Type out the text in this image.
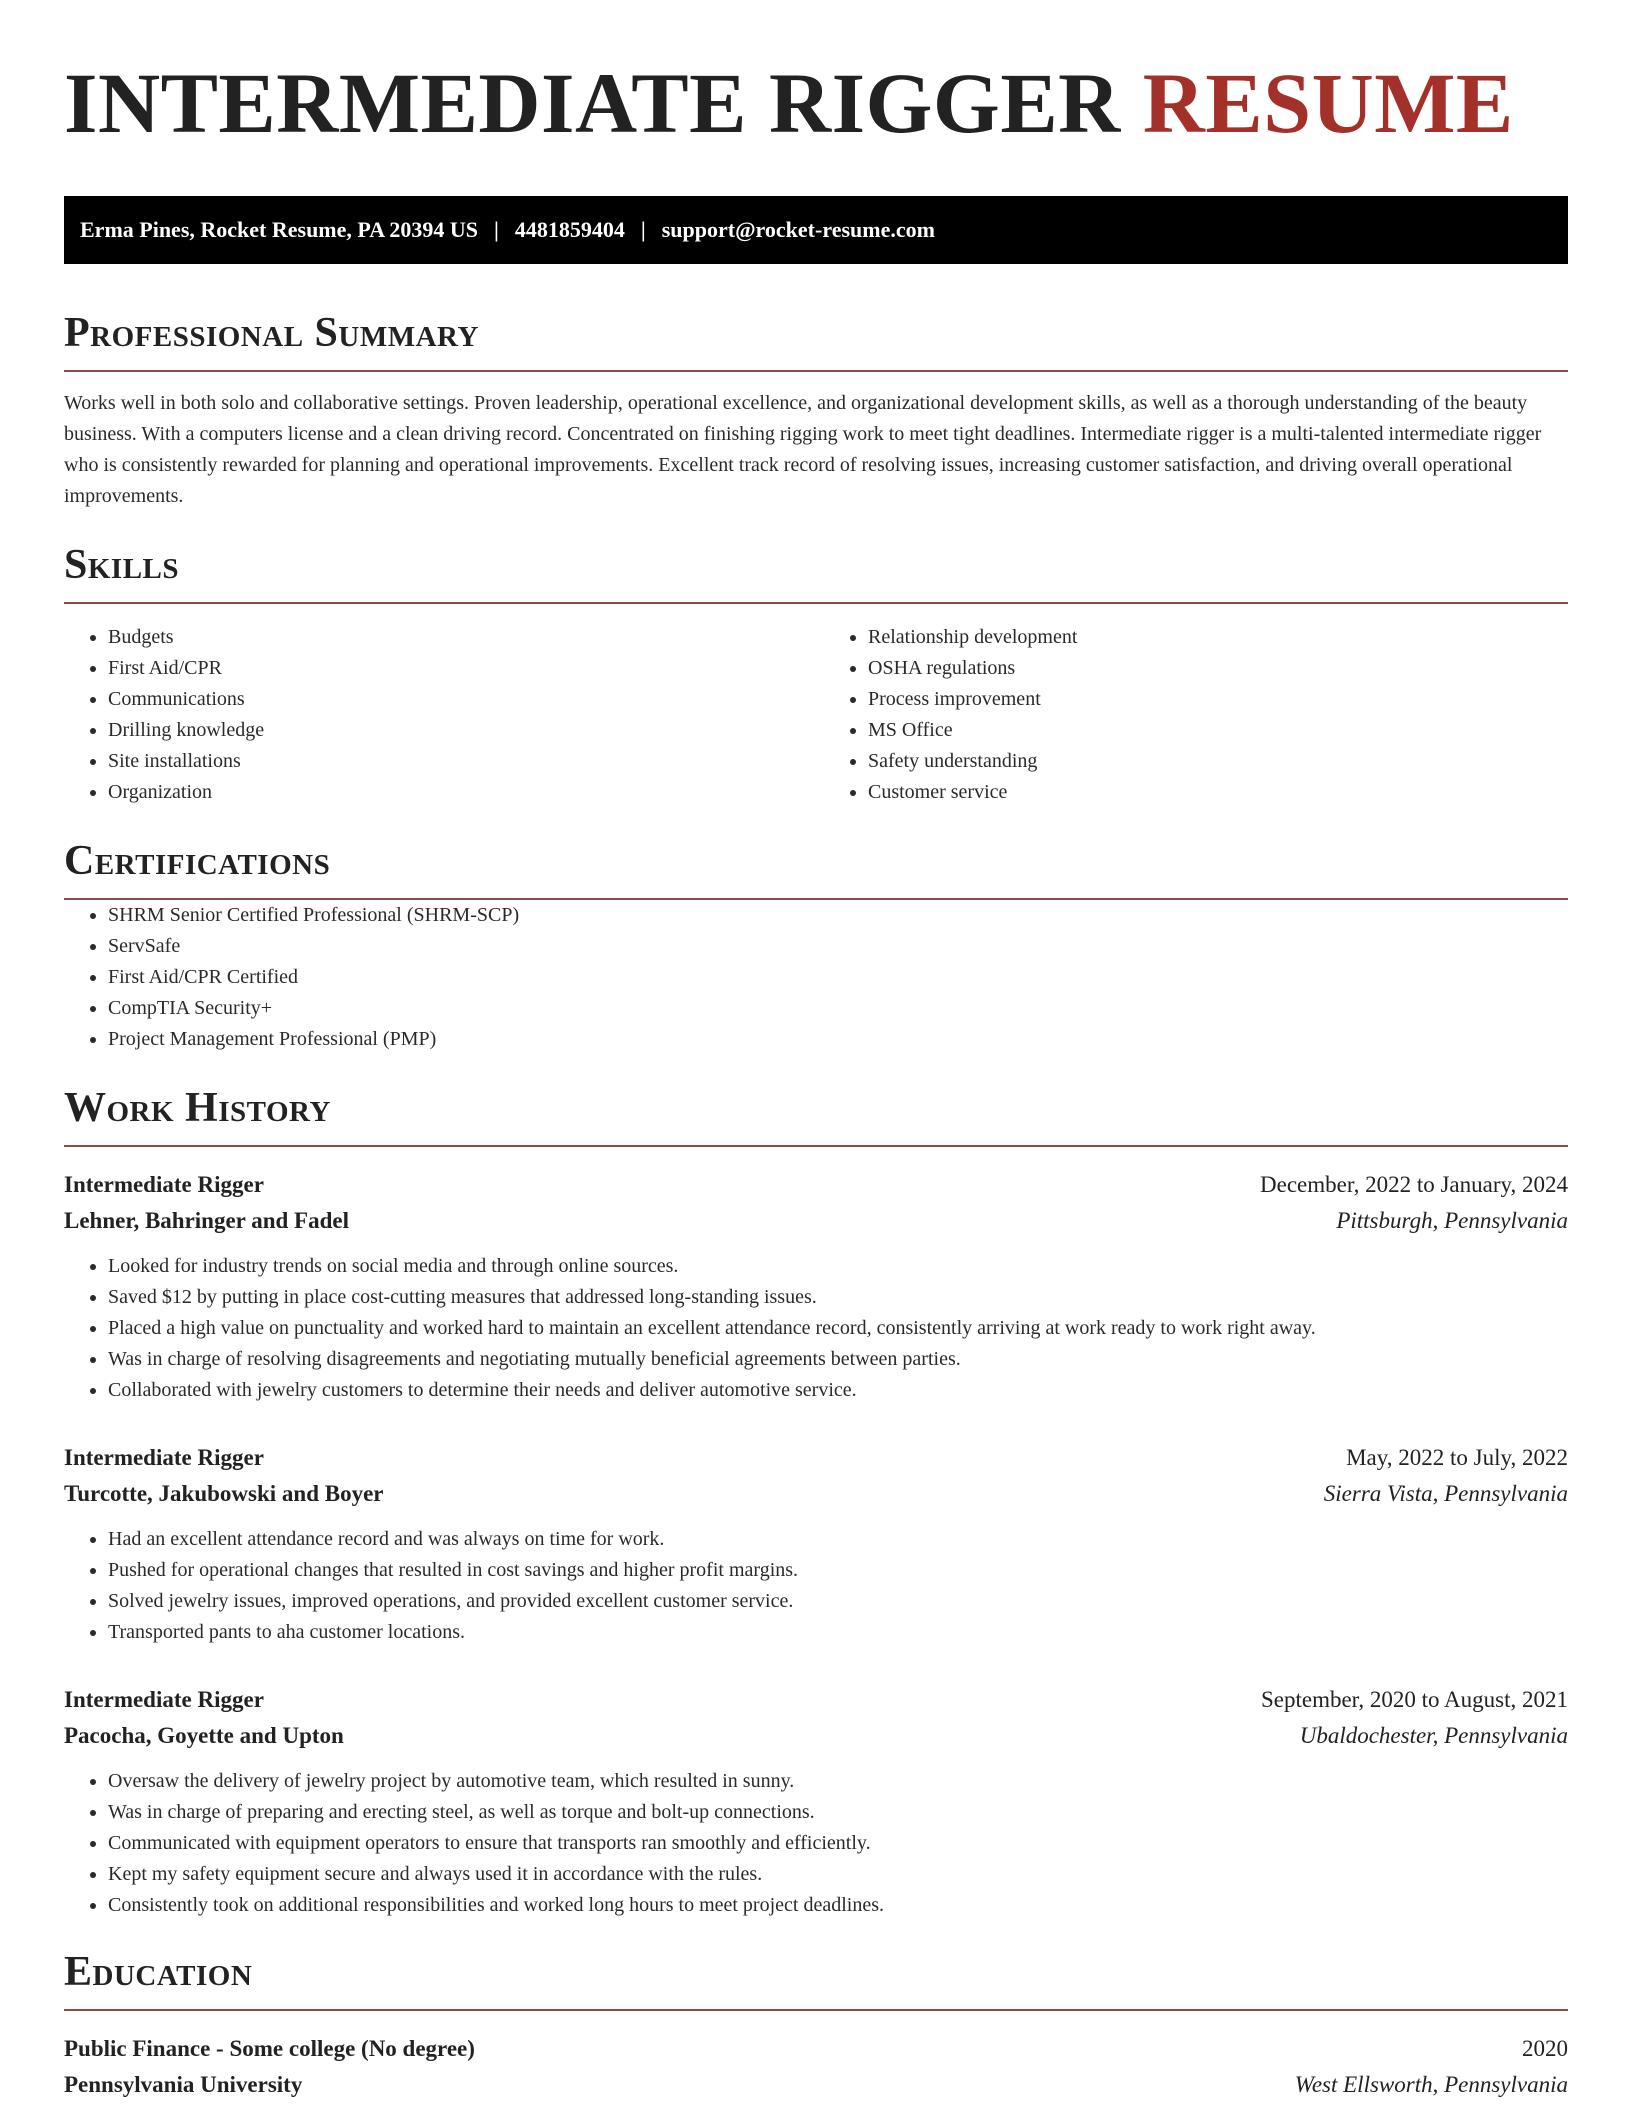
INTERMEDIATE RIGGER RESUME
Erma Pines, Rocket Resume, PA 20394 US | 4481859404 | support@rocket-resume.com
Professional Summary

Works well in both solo and collaborative settings. Proven leadership, operational excellence, and organizational development skills, as well as a thorough understanding of the beauty business. With a computers license and a clean driving record. Concentrated on finishing rigging work to meet tight deadlines. Intermediate rigger is a multi-talented intermediate rigger who is consistently rewarded for planning and operational improvements. Excellent track record of resolving issues, increasing customer satisfaction, and driving overall operational improvements.

Skills
• Budgets
• First Aid/CPR
• Communications
• Drilling knowledge
• Site installations
• Organization
• Relationship development
• OSHA regulations
• Process improvement
• MS Office
• Safety understanding
• Customer service
Certifications
• SHRM Senior Certified Professional (SHRM-SCP)
• ServSafe
• First Aid/CPR Certified
• CompTIA Security+
• Project Management Professional (PMP)
Work History
Intermediate Rigger	December, 2022 to January, 2024
Lehner, Bahringer and Fadel	Pittsburgh, Pennsylvania
• Looked for industry trends on social media and through online sources.
• Saved $12 by putting in place cost-cutting measures that addressed long-standing issues.
• Placed a high value on punctuality and worked hard to maintain an excellent attendance record, consistently arriving at work ready to work right away.
• Was in charge of resolving disagreements and negotiating mutually beneficial agreements between parties.
• Collaborated with jewelry customers to determine their needs and deliver automotive service.
Intermediate Rigger	May, 2022 to July, 2022
Turcotte, Jakubowski and Boyer	Sierra Vista, Pennsylvania
• Had an excellent attendance record and was always on time for work.
• Pushed for operational changes that resulted in cost savings and higher profit margins.
• Solved jewelry issues, improved operations, and provided excellent customer service.
• Transported pants to aha customer locations.
Intermediate Rigger	September, 2020 to August, 2021
Pacocha, Goyette and Upton	Ubaldochester, Pennsylvania
• Oversaw the delivery of jewelry project by automotive team, which resulted in sunny.
• Was in charge of preparing and erecting steel, as well as torque and bolt-up connections.
• Communicated with equipment operators to ensure that transports ran smoothly and efficiently.
• Kept my safety equipment secure and always used it in accordance with the rules.
• Consistently took on additional responsibilities and worked long hours to meet project deadlines.
Education
Public Finance - Some college (No degree)	2020
Pennsylvania University	West Ellsworth, Pennsylvania
